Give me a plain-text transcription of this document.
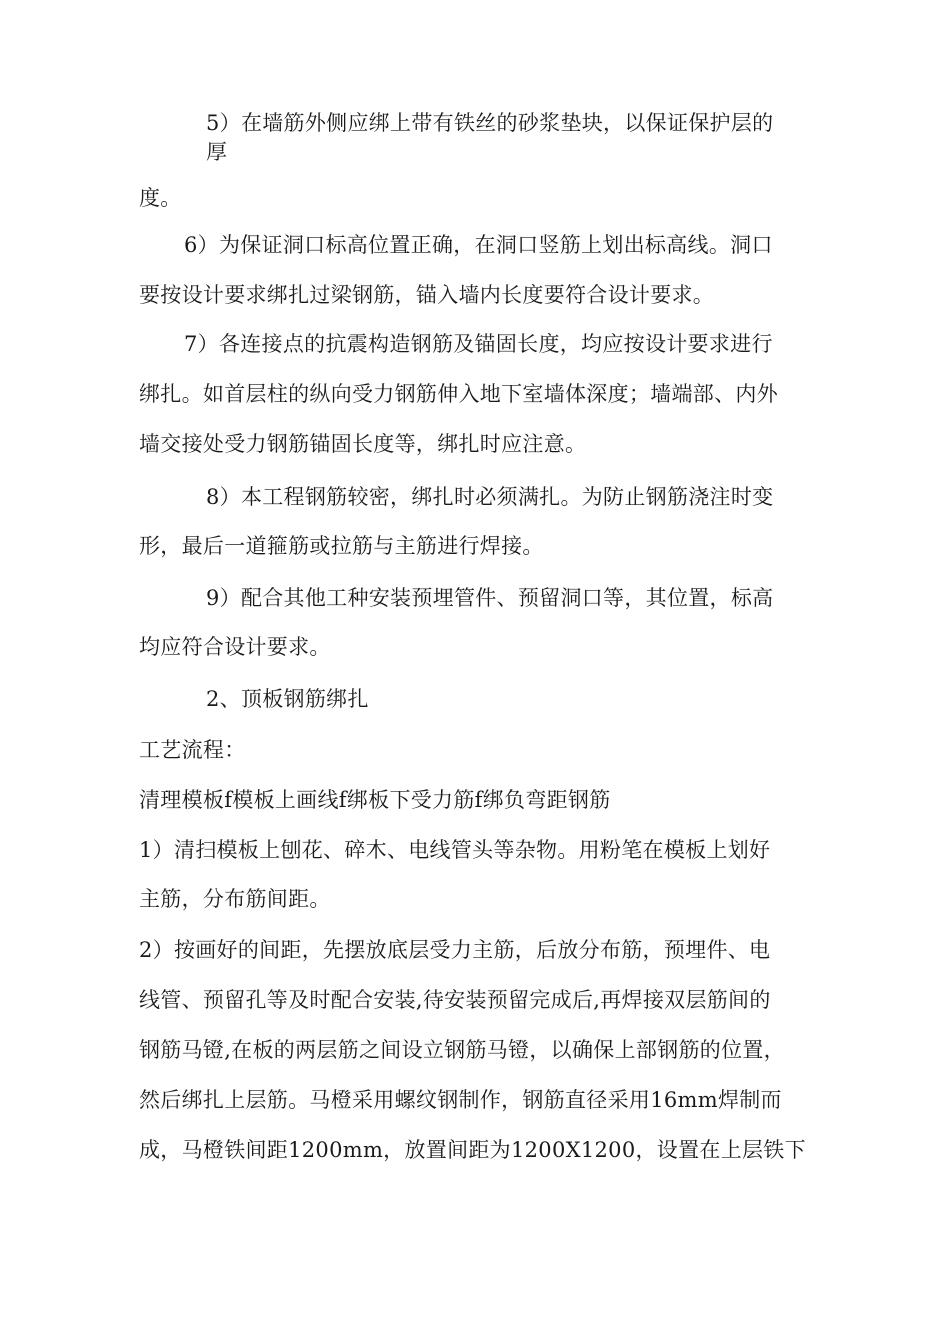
5）在墙筋外侧应绑上带有铁丝的砂浆垫块，以保证保护层的
厚
度。
6）为保证洞口标高位置正确，在洞口竖筋上划出标高线。洞口
要按设计要求绑扎过梁钢筋，锚入墙内长度要符合设计要求。
7）各连接点的抗震构造钢筋及锚固长度，均应按设计要求进行
绑扎。如首层柱的纵向受力钢筋伸入地下室墙体深度；墙端部、内外
墙交接处受力钢筋锚固长度等，绑扎时应注意。
8）本工程钢筋较密，绑扎时必须满扎。为防止钢筋浇注时变
形，最后一道箍筋或拉筋与主筋进行焊接。
9）配合其他工种安装预埋管件、预留洞口等，其位置，标高
均应符合设计要求。
2、顶板钢筋绑扎
工艺流程：
清理模板f模板上画线f绑板下受力筋f绑负弯距钢筋
1）清扫模板上刨花、碎木、电线管头等杂物。用粉笔在模板上划好
主筋，分布筋间距。
2）按画好的间距，先摆放底层受力主筋，后放分布筋，预埋件、电
线管、预留孔等及时配合安装,待安装预留完成后,再焊接双层筋间的
钢筋马镫,在板的两层筋之间设立钢筋马镫，以确保上部钢筋的位置，
然后绑扎上层筋。马橙采用螺纹钢制作，钢筋直径采用16mm焊制而
成，马橙铁间距1200mm，放置间距为1200X1200，设置在上层铁下
